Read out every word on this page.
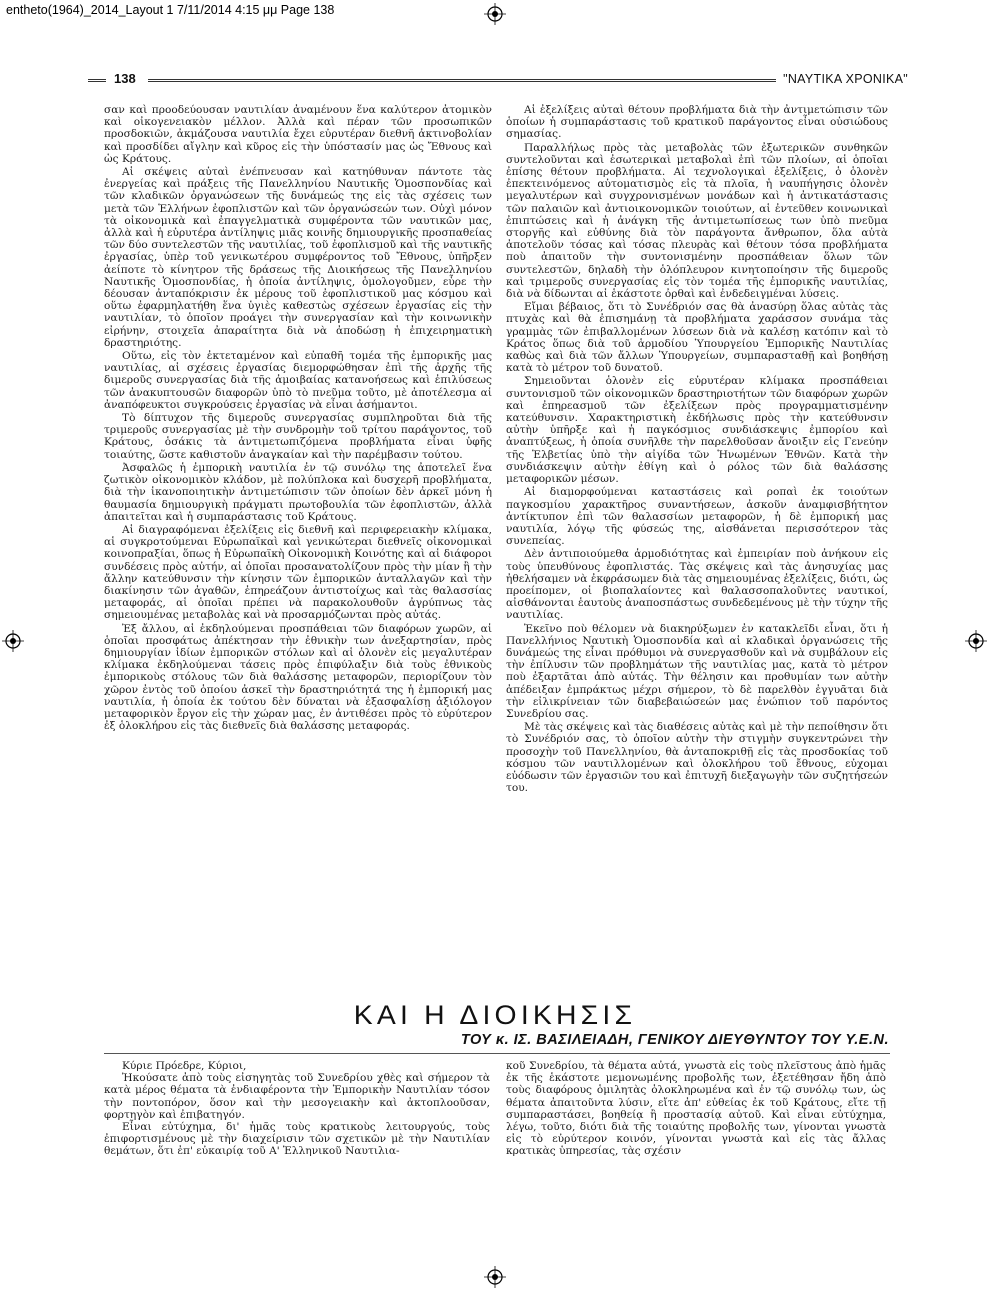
entheto(1964)_2014_Layout 1 7/11/2014 4:15 μμ Page 138
138	"ΝΑΥΤΙΚΑ ΧΡΟΝΙΚΑ"

σαν καὶ προοδεύουσαν ναυτιλίαν ἀναμένουν ἕνα καλύτερον ἀτομικὸν καὶ οἰκογενειακὸν μέλλον. Ἀλλὰ καὶ πέραν τῶν προσωπικῶν προσδοκιῶν, ἀκμάζουσα ναυτιλία ἔχει εὐρυτέραν διεθνῆ ἀκτινοβολίαν καὶ προσδίδει αἴγλην καὶ κῦρος εἰς τὴν ὑπόστασίν μας ὡς Ἔθνους καὶ ὡς Κράτους.

Αἱ σκέψεις αὐταὶ ἐνέπνευσαν καὶ κατηύθυναν πάντοτε τὰς ἐνεργείας καὶ πράξεις τῆς Πανελληνίου Ναυτικῆς Ὁμοσπονδίας καὶ τῶν κλαδικῶν ὀργανώσεων τῆς δυνάμεώς της εἰς τὰς σχέσεις των μετὰ τῶν Ἑλλήνων ἐφοπλιστῶν καὶ τῶν ὀργανώσεών των. Οὐχὶ μόνον τὰ οἰκονομικὰ καὶ ἐπαγγελματικὰ συμφέροντα τῶν ναυτικῶν μας, ἀλλὰ καὶ ἡ εὐρυτέρα ἀντίληψις μιᾶς κοινῆς δημιουργικῆς προσπαθείας τῶν δύο συντελεστῶν τῆς ναυτιλίας, τοῦ ἐφοπλισμοῦ καὶ τῆς ναυτικῆς ἐργασίας, ὑπὲρ τοῦ γενικωτέρου συμφέροντος τοῦ Ἔθνους, ὑπῆρξεν ἀείποτε τὸ κίνητρον τῆς δράσεως τῆς Διοικήσεως τῆς Πανελληνίου Ναυτικῆς Ὁμοσπονδίας, ἡ ὁποία ἀντίληψις, ὁμολογοῦμεν, εὗρε τὴν δέουσαν ἀνταπόκρισιν ἐκ μέρους τοῦ ἐφοπλιστικοῦ μας κόσμου καὶ οὕτω ἐφαρμηλατήθη ἕνα ὑγιὲς καθεστὼς σχέσεων ἐργασίας εἰς τὴν ναυτιλίαν, τὸ ὁποῖον προάγει τὴν συνεργασίαν καὶ τὴν κοινωνικὴν εἰρήνην, στοιχεῖα ἀπαραίτητα διὰ νὰ ἀποδώσῃ ἡ ἐπιχειρηματικὴ δραστηριότης.

Οὕτω, εἰς τὸν ἐκτεταμένον καὶ εὐπαθῆ τομέα τῆς ἐμπορικῆς μας ναυτιλίας, αἱ σχέσεις ἐργασίας διεμορφώθησαν ἐπὶ τῆς ἀρχῆς τῆς διμεροῦς συνεργασίας διὰ τῆς ἀμοιβαίας κατανοήσεως καὶ ἐπιλύσεως τῶν ἀνακυπτουσῶν διαφορῶν ὑπὸ τὸ πνεῦμα τοῦτο, μὲ ἀποτέλεσμα αἱ ἀναπόφευκτοι συγκρούσεις ἐργασίας νὰ εἶναι ἀσήμαντοι.

Τὸ δίπτυχον τῆς διμεροῦς συνεργασίας συμπληροῦται διὰ τῆς τριμεροῦς συνεργασίας μὲ τὴν συνδρομὴν τοῦ τρίτου παράγοντος, τοῦ Κράτους, ὁσάκις τὰ ἀντιμετωπιζόμενα προβλήματα εἶναι ὑφῆς τοιαύτης, ὥστε καθιστοῦν ἀναγκαίαν καὶ τὴν παρέμβασιν τούτου.

Ἀσφαλῶς ἡ ἐμπορικὴ ναυτιλία ἐν τῷ συνόλῳ της ἀποτελεῖ ἕνα ζωτικὸν οἰκονομικὸν κλάδον, μὲ πολύπλοκα καὶ δυσχερῆ προβλήματα, διὰ τὴν ἱκανοποιητικὴν ἀντιμετώπισιν τῶν ὁποίων δὲν ἀρκεῖ μόνη ἡ θαυμασία δημιουργικὴ πράγματι πρωτοβουλία τῶν ἐφοπλιστῶν, ἀλλὰ ἀπαιτεῖται καὶ ἡ συμπαράστασις τοῦ Κράτους.

Αἱ διαγραφόμεναι ἐξελίξεις εἰς διεθνῆ καὶ περιφερειακὴν κλίμακα, αἱ συγκροτούμεναι Εὐρωπαϊκαὶ καὶ γενικώτεραι διεθνεῖς οἰκονομικαὶ κοινοπραξίαι, ὅπως ἡ Εὐρωπαϊκὴ Οἰκονομικὴ Κοινότης καὶ αἱ διάφοροι συνδέσεις πρὸς αὐτήν, αἱ ὁποῖαι προσανατολίζουν πρὸς τὴν μίαν ἢ τὴν ἄλλην κατεύθυνσιν τὴν κίνησιν τῶν ἐμπορικῶν ἀνταλλαγῶν καὶ τὴν διακίνησιν τῶν ἀγαθῶν, ἐπηρεάζουν ἀντιστοίχως καὶ τὰς θαλασσίας μεταφοράς, αἱ ὁποῖαι πρέπει νὰ παρακολουθοῦν ἀγρύπνως τὰς σημειουμένας μεταβολὰς καὶ νὰ προσαρμόζωνται πρὸς αὐτάς.

Ἐξ ἄλλου, αἱ ἐκδηλούμεναι προσπάθειαι τῶν διαφόρων χωρῶν, αἱ ὁποῖαι προσφάτως ἀπέκτησαν τὴν ἐθνικὴν των ἀνεξαρτησίαν, πρὸς δημιουργίαν ἰδίων ἐμπορικῶν στόλων καὶ αἱ ὁλονὲν εἰς μεγαλυτέραν κλίμακα ἐκδηλούμεναι τάσεις πρὸς ἐπιφύλαξιν διὰ τοὺς ἐθνικοὺς ἐμπορικοὺς στόλους τῶν διὰ θαλάσσης μεταφορῶν, περιορίζουν τὸν χῶρον ἐντὸς τοῦ ὁποίου ἀσκεῖ τὴν δραστηριότητά της ἡ ἐμπορική μας ναυτιλία, ἡ ὁποία ἐκ τούτου δὲν δύναται νὰ ἐξασφαλίσῃ ἀξιόλογον μεταφορικὸν ἔργον εἰς τὴν χώραν μας, ἐν ἀντιθέσει πρὸς τὸ εὐρύτερον ἐξ ὁλοκλήρου εἰς τὰς διεθνεῖς διὰ θαλάσσης μεταφοράς.

Αἱ ἐξελίξεις αὐταὶ θέτουν προβλήματα διὰ τὴν ἀντιμετώπισιν τῶν ὁποίων ἡ συμπαράστασις τοῦ κρατικοῦ παράγοντος εἶναι οὐσιώδους σημασίας.

Παραλλήλως πρὸς τὰς μεταβολὰς τῶν ἐξωτερικῶν συνθηκῶν συντελοῦνται καὶ ἐσωτερικαὶ μεταβολαὶ ἐπὶ τῶν πλοίων, αἱ ὁποῖαι ἐπίσης θέτουν προβλήματα. Αἱ τεχνολογικαὶ ἐξελίξεις, ὁ ὁλονὲν ἐπεκτεινόμενος αὐτοματισμὸς εἰς τὰ πλοῖα, ἡ ναυπήγησις ὁλονὲν μεγαλυτέρων καὶ συγχρονισμένων μονάδων καὶ ἡ ἀντικατάστασις τῶν παλαιῶν καὶ ἀντιοικονομικῶν τοιούτων, αἱ ἐντεῦθεν κοινωνικαὶ ἐπιπτώσεις καὶ ἡ ἀνάγκη τῆς ἀντιμετωπίσεως των ὑπὸ πνεῦμα στοργῆς καὶ εὐθύνης διὰ τὸν παράγοντα ἄνθρωπον, ὅλα αὐτὰ ἀποτελοῦν τόσας καὶ τόσας πλευρὰς καὶ θέτουν τόσα προβλήματα ποὺ ἀπαιτοῦν τὴν συντονισμένην προσπάθειαν ὅλων τῶν συντελεστῶν, δηλαδὴ τὴν ὁλόπλευρον κινητοποίησιν τῆς διμεροῦς καὶ τριμεροῦς συνεργασίας εἰς τὸν τομέα τῆς ἐμπορικῆς ναυτιλίας, διὰ νὰ δίδωνται αἱ ἑκάστοτε ὀρθαὶ καὶ ἐνδεδειγμέναι λύσεις.

Εἴμαι βέβαιος, ὅτι τὸ Συνέδριόν σας θὰ ἀνασύρῃ ὅλας αὐτὰς τὰς πτυχὰς καὶ θὰ ἐπισημάνῃ τὰ προβλήματα χαράσσον συνάμα τὰς γραμμὰς τῶν ἐπιβαλλομένων λύσεων διὰ νὰ καλέσῃ κατόπιν καὶ τὸ Κράτος ὅπως διὰ τοῦ ἁρμοδίου Ὑπουργείου Ἐμπορικῆς Ναυτιλίας καθὼς καὶ διὰ τῶν ἄλλων Ὑπουργείων, συμπαρασταθῇ καὶ βοηθήσῃ κατὰ τὸ μέτρον τοῦ δυνατοῦ.

Σημειοῦνται ὁλονὲν εἰς εὐρυτέραν κλίμακα προσπάθειαι συντονισμοῦ τῶν οἰκονομικῶν δραστηριοτήτων τῶν διαφόρων χωρῶν καὶ ἐπηρεασμοῦ τῶν ἐξελίξεων πρὸς προγραμματισμένην κατεύθυνσιν. Χαρακτηριστικὴ ἐκδήλωσις πρὸς τὴν κατεύθυνσιν αὐτὴν ὑπῆρξε καὶ ἡ παγκόσμιος συνδιάσκεψις ἐμπορίου καὶ ἀναπτύξεως, ἡ ὁποία συνῆλθε τὴν παρελθοῦσαν ἄνοιξιν εἰς Γενεύην τῆς Ἑλβετίας ὑπὸ τὴν αἰγίδα τῶν Ἡνωμένων Ἐθνῶν. Κατὰ τὴν συνδιάσκεψιν αὐτὴν ἐθίγη καὶ ὁ ρόλος τῶν διὰ θαλάσσης μεταφορικῶν μέσων.

Αἱ διαμορφούμεναι καταστάσεις καὶ ροπαὶ ἐκ τοιούτων παγκοσμίου χαρακτῆρος συναντήσεων, ἀσκοῦν ἀναμφισβήτητον ἀντίκτυπον ἐπὶ τῶν θαλασσίων μεταφορῶν, ἡ δὲ ἐμπορική μας ναυτιλία, λόγῳ τῆς φύσεώς της, αἰσθάνεται περισσότερον τὰς συνεπείας.

Δὲν ἀντιποιούμεθα ἁρμοδιότητας καὶ ἐμπειρίαν ποὺ ἀνήκουν εἰς τοὺς ὑπευθύνους ἐφοπλιστάς. Τὰς σκέψεις καὶ τὰς ἀνησυχίας μας ἠθελήσαμεν νὰ ἐκφράσωμεν διὰ τὰς σημειουμένας ἐξελίξεις, διότι, ὡς προείπομεν, οἱ βιοπαλαίοντες καὶ θαλασσοπαλοῦντες ναυτικοί, αἰσθάνονται ἑαυτοὺς ἀναποσπάστως συνδεδεμένους μὲ τὴν τύχην τῆς ναυτιλίας.

Ἐκεῖνο ποὺ θέλομεν νὰ διακηρύξωμεν ἐν κατακλεῖδι εἶναι, ὅτι ἡ Πανελλήνιος Ναυτικὴ Ὁμοσπονδία καὶ αἱ κλαδικαὶ ὀργανώσεις τῆς δυνάμεώς της εἶναι πρόθυμοι νὰ συνεργασθοῦν καὶ νὰ συμβάλουν εἰς τὴν ἐπίλυσιν τῶν προβλημάτων τῆς ναυτιλίας μας, κατὰ τὸ μέτρον ποὺ ἐξαρτᾶται ἀπὸ αὐτάς. Τὴν θέλησιν και προθυμίαν των αὐτὴν ἀπέδειξαν ἐμπράκτως μέχρι σήμερον, τὸ δὲ παρελθὸν ἐγγυᾶται διὰ τὴν εἰλικρίνειαν τῶν διαβεβαιώσεών μας ἐνώπιον τοῦ παρόντος Συνεδρίου σας.

Μὲ τὰς σκέψεις καὶ τὰς διαθέσεις αὐτὰς καὶ μὲ τὴν πεποίθησιν ὅτι τὸ Συνέδριόν σας, τὸ ὁποῖον αὐτὴν τὴν στιγμὴν συγκεντρώνει τὴν προσοχὴν τοῦ Πανελληνίου, θὰ ἀνταποκριθῇ εἰς τὰς προσδοκίας τοῦ κόσμου τῶν ναυτιλλομένων καὶ ὁλοκλήρου τοῦ ἔθνους, εὐχομαι εὐόδωσιν τῶν ἐργασιῶν του καὶ ἐπιτυχῆ διεξαγωγὴν τῶν συζητήσεών του.

ΚΑΙ Η ΔΙΟΙΚΗΣΙΣ
ΤΟΥ κ. ΙΣ. ΒΑΣΙΛΕΙΑΔΗ, ΓΕΝΙΚΟΥ ΔΙΕΥΘΥΝΤΟΥ ΤΟΥ Υ.Ε.Ν.

Κύριε Πρόεδρε, Κύριοι,

Ἠκούσατε ἀπὸ τοὺς εἰσηγητὰς τοῦ Συνεδρίου χθὲς καὶ σήμερον τὰ κατὰ μέρος θέματα τὰ ἐνδιαφέροντα τὴν Ἐμπορικὴν Ναυτιλίαν τόσον τὴν ποντοπόρον, ὅσον καὶ τὴν μεσογειακὴν καὶ ἀκτοπλοοῦσαν, φορτηγὸν καὶ ἐπιβατηγόν.

Εἶναι εὐτύχημα, δι' ἡμᾶς τοὺς κρατικοὺς λειτουργούς, τοὺς ἐπιφορτισμένους μὲ τὴν διαχείρισιν τῶν σχετικῶν μὲ τὴν Ναυτιλίαν θεμάτων, ὅτι ἐπ' εὐκαιρίᾳ τοῦ Α' Ἑλληνικοῦ Ναυτιλια-

κοῦ Συνεδρίου, τὰ θέματα αὐτά, γνωστὰ εἰς τοὺς πλεῖστους ἀπὸ ἡμᾶς ἐκ τῆς ἑκάστοτε μεμονωμένης προβολῆς των, ἐξετέθησαν ἤδη ἀπὸ τοὺς διαφόρους ὁμιλητὰς ὁλοκληρωμένα καὶ ἐν τῷ συνόλῳ των, ὡς θέματα ἀπαιτοῦντα λύσιν, εἴτε ἀπ' εὐθείας ἐκ τοῦ Κράτους, εἴτε τῇ συμπαραστάσει, βοηθείᾳ ἢ προστασίᾳ αὐτοῦ. Καὶ εἶναι εὐτύχημα, λέγω, τοῦτο, διότι διὰ τῆς τοιαύτης προβολῆς των, γίνονται γνωστὰ εἰς τὸ εὐρύτερον κοινόν, γίνονται γνωστὰ καὶ εἰς τὰς ἄλλας κρατικὰς ὑπηρεσίας, τὰς σχέσιν
